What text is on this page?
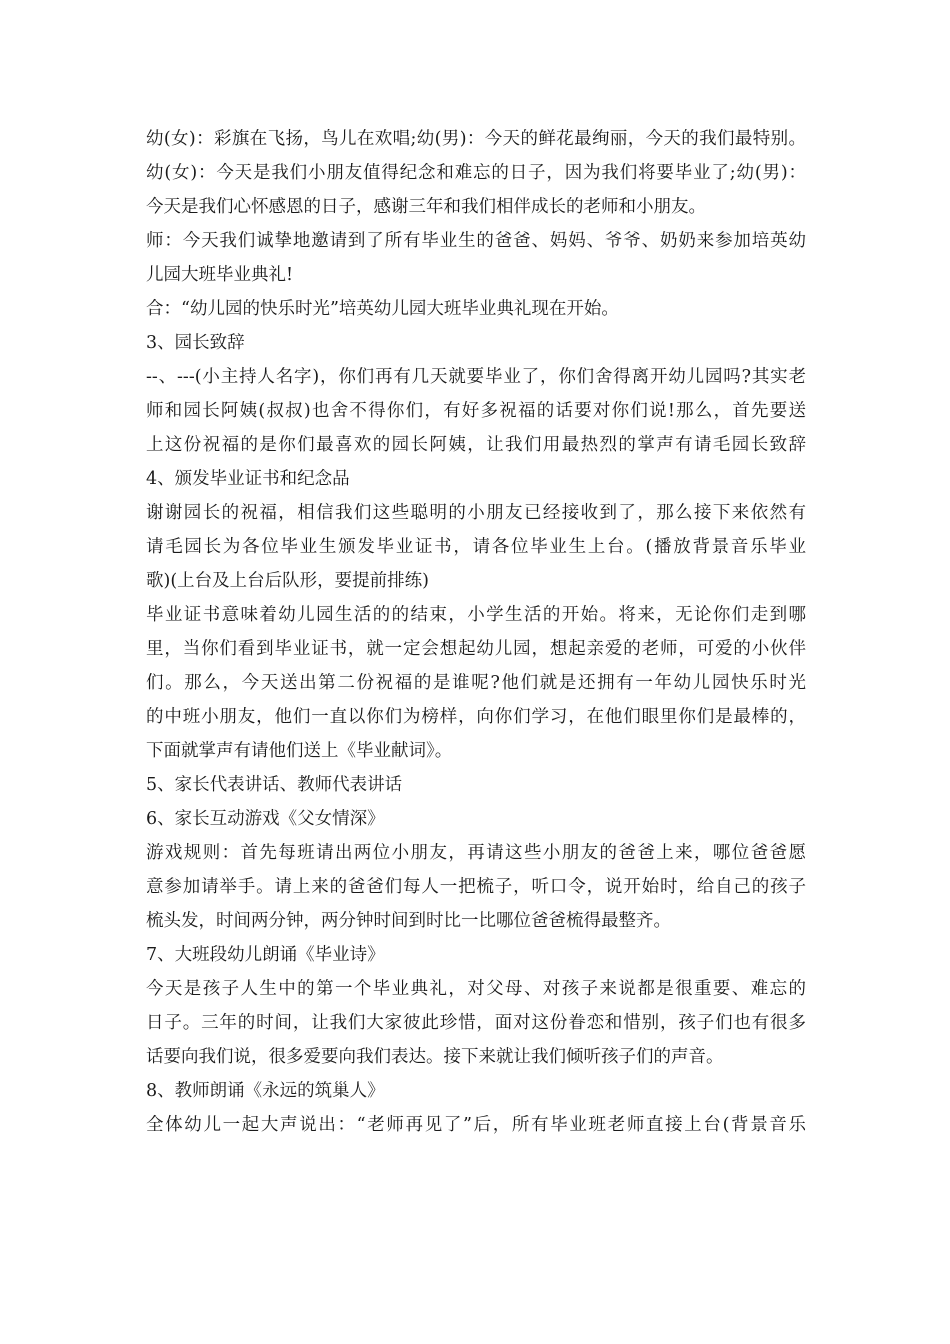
幼(女)：彩旗在飞扬，鸟儿在欢唱;幼(男)：今天的鲜花最绚丽，今天的我们最特别。
幼(女)：今天是我们小朋友值得纪念和难忘的日子，因为我们将要毕业了;幼(男)：
今天是我们心怀感恩的日子，感谢三年和我们相伴成长的老师和小朋友。
师：今天我们诚挚地邀请到了所有毕业生的爸爸、妈妈、爷爷、奶奶来参加培英幼
儿园大班毕业典礼!
合：“幼儿园的快乐时光”培英幼儿园大班毕业典礼现在开始。
3、园长致辞
--、---(小主持人名字)，你们再有几天就要毕业了，你们舍得离开幼儿园吗?其实老
师和园长阿姨(叔叔)也舍不得你们，有好多祝福的话要对你们说!那么，首先要送
上这份祝福的是你们最喜欢的园长阿姨，让我们用最热烈的掌声有请毛园长致辞
4、颁发毕业证书和纪念品
谢谢园长的祝福，相信我们这些聪明的小朋友已经接收到了，那么接下来依然有
请毛园长为各位毕业生颁发毕业证书，请各位毕业生上台。(播放背景音乐毕业
歌)(上台及上台后队形，要提前排练)
毕业证书意味着幼儿园生活的的结束，小学生活的开始。将来，无论你们走到哪
里，当你们看到毕业证书，就一定会想起幼儿园，想起亲爱的老师，可爱的小伙伴
们。那么，今天送出第二份祝福的是谁呢?他们就是还拥有一年幼儿园快乐时光
的中班小朋友，他们一直以你们为榜样，向你们学习，在他们眼里你们是最棒的，
下面就掌声有请他们送上《毕业献词》。
5、家长代表讲话、教师代表讲话
6、家长互动游戏《父女情深》
游戏规则：首先每班请出两位小朋友，再请这些小朋友的爸爸上来，哪位爸爸愿
意参加请举手。请上来的爸爸们每人一把梳子，听口令，说开始时，给自己的孩子
梳头发，时间两分钟，两分钟时间到时比一比哪位爸爸梳得最整齐。
7、大班段幼儿朗诵《毕业诗》
今天是孩子人生中的第一个毕业典礼，对父母、对孩子来说都是很重要、难忘的
日子。三年的时间，让我们大家彼此珍惜，面对这份眷恋和惜别，孩子们也有很多
话要向我们说，很多爱要向我们表达。接下来就让我们倾听孩子们的声音。
8、教师朗诵《永远的筑巢人》
全体幼儿一起大声说出：“老师再见了”后，所有毕业班老师直接上台(背景音乐
